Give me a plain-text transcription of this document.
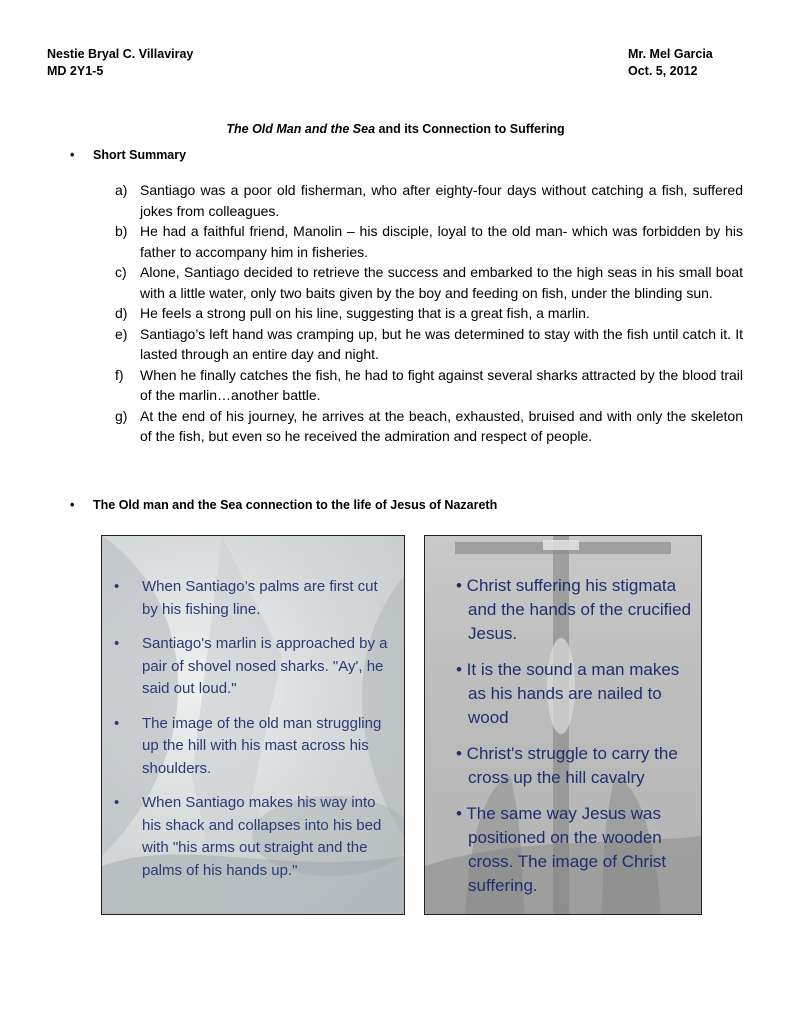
Nestie Bryal C. Villaviray
MD 2Y1-5
Mr. Mel Garcia
Oct. 5, 2012
The Old Man and the Sea and its Connection to Suffering
• Short Summary
a) Santiago was a poor old fisherman, who after eighty-four days without catching a fish, suffered jokes from colleagues.
b) He had a faithful friend, Manolin – his disciple, loyal to the old man- which was forbidden by his father to accompany him in fisheries.
c) Alone, Santiago decided to retrieve the success and embarked to the high seas in his small boat with a little water, only two baits given by the boy and feeding on fish, under the blinding sun.
d) He feels a strong pull on his line, suggesting that is a great fish, a marlin.
e) Santiago’s left hand was cramping up, but he was determined to stay with the fish until catch it. It lasted through an entire day and night.
f) When he finally catches the fish, he had to fight against several sharks attracted by the blood trail of the marlin…another battle.
g) At the end of his journey, he arrives at the beach, exhausted, bruised and with only the skeleton of the fish, but even so he received the admiration and respect of people.
• The Old man and the Sea connection to the life of Jesus of Nazareth
• When Santiago’s palms are first cut by his fishing line.
• Santiago's marlin is approached by a pair of shovel nosed sharks. "Ay', he said out loud."
• The image of the old man struggling up the hill with his mast across his shoulders.
• When Santiago makes his way into his shack and collapses into his bed with "his arms out straight and the palms of his hands up."
• Christ suffering his stigmata and the hands of the crucified Jesus.
• It is the sound a man makes as his hands are nailed to wood
• Christ's struggle to carry the cross up the hill cavalry
• The same way Jesus was positioned on the wooden cross. The image of Christ suffering.
